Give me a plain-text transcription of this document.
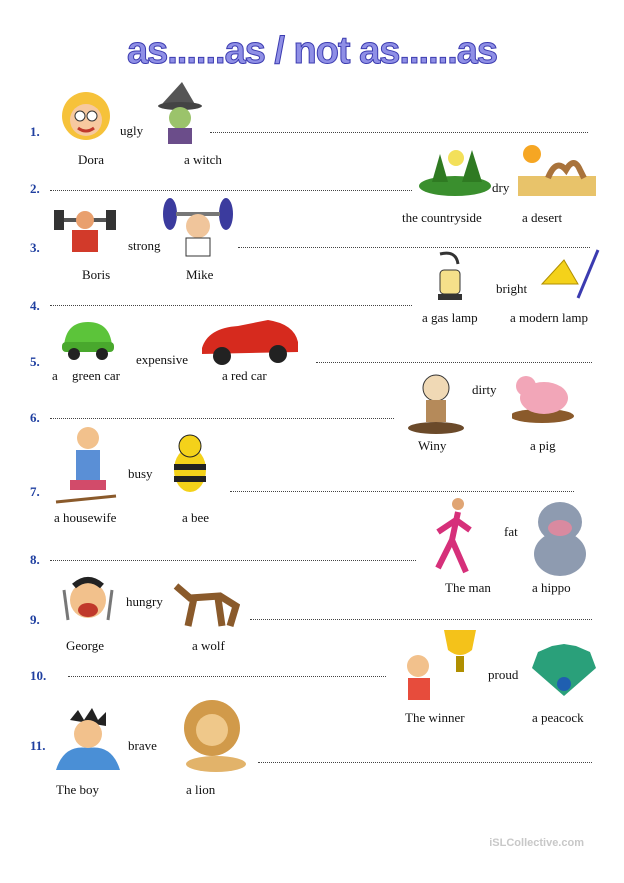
as......as / not as......as
ugly
1.
Dora	a witch
dry
2.
the countryside	a desert
strong
3.
Boris	Mike
bright
4.
a gas lamp a modern lamp
expensive
5.
a green car	a red car
dirty
6.
Winy	a pig
busy
7.
a housewife	a bee
fat
8.
The man	a hippo
hungry
9.
George	a wolf
proud
10.
The winner	a peacock
brave
11.
The boy	a lion
iSLCollective.com
